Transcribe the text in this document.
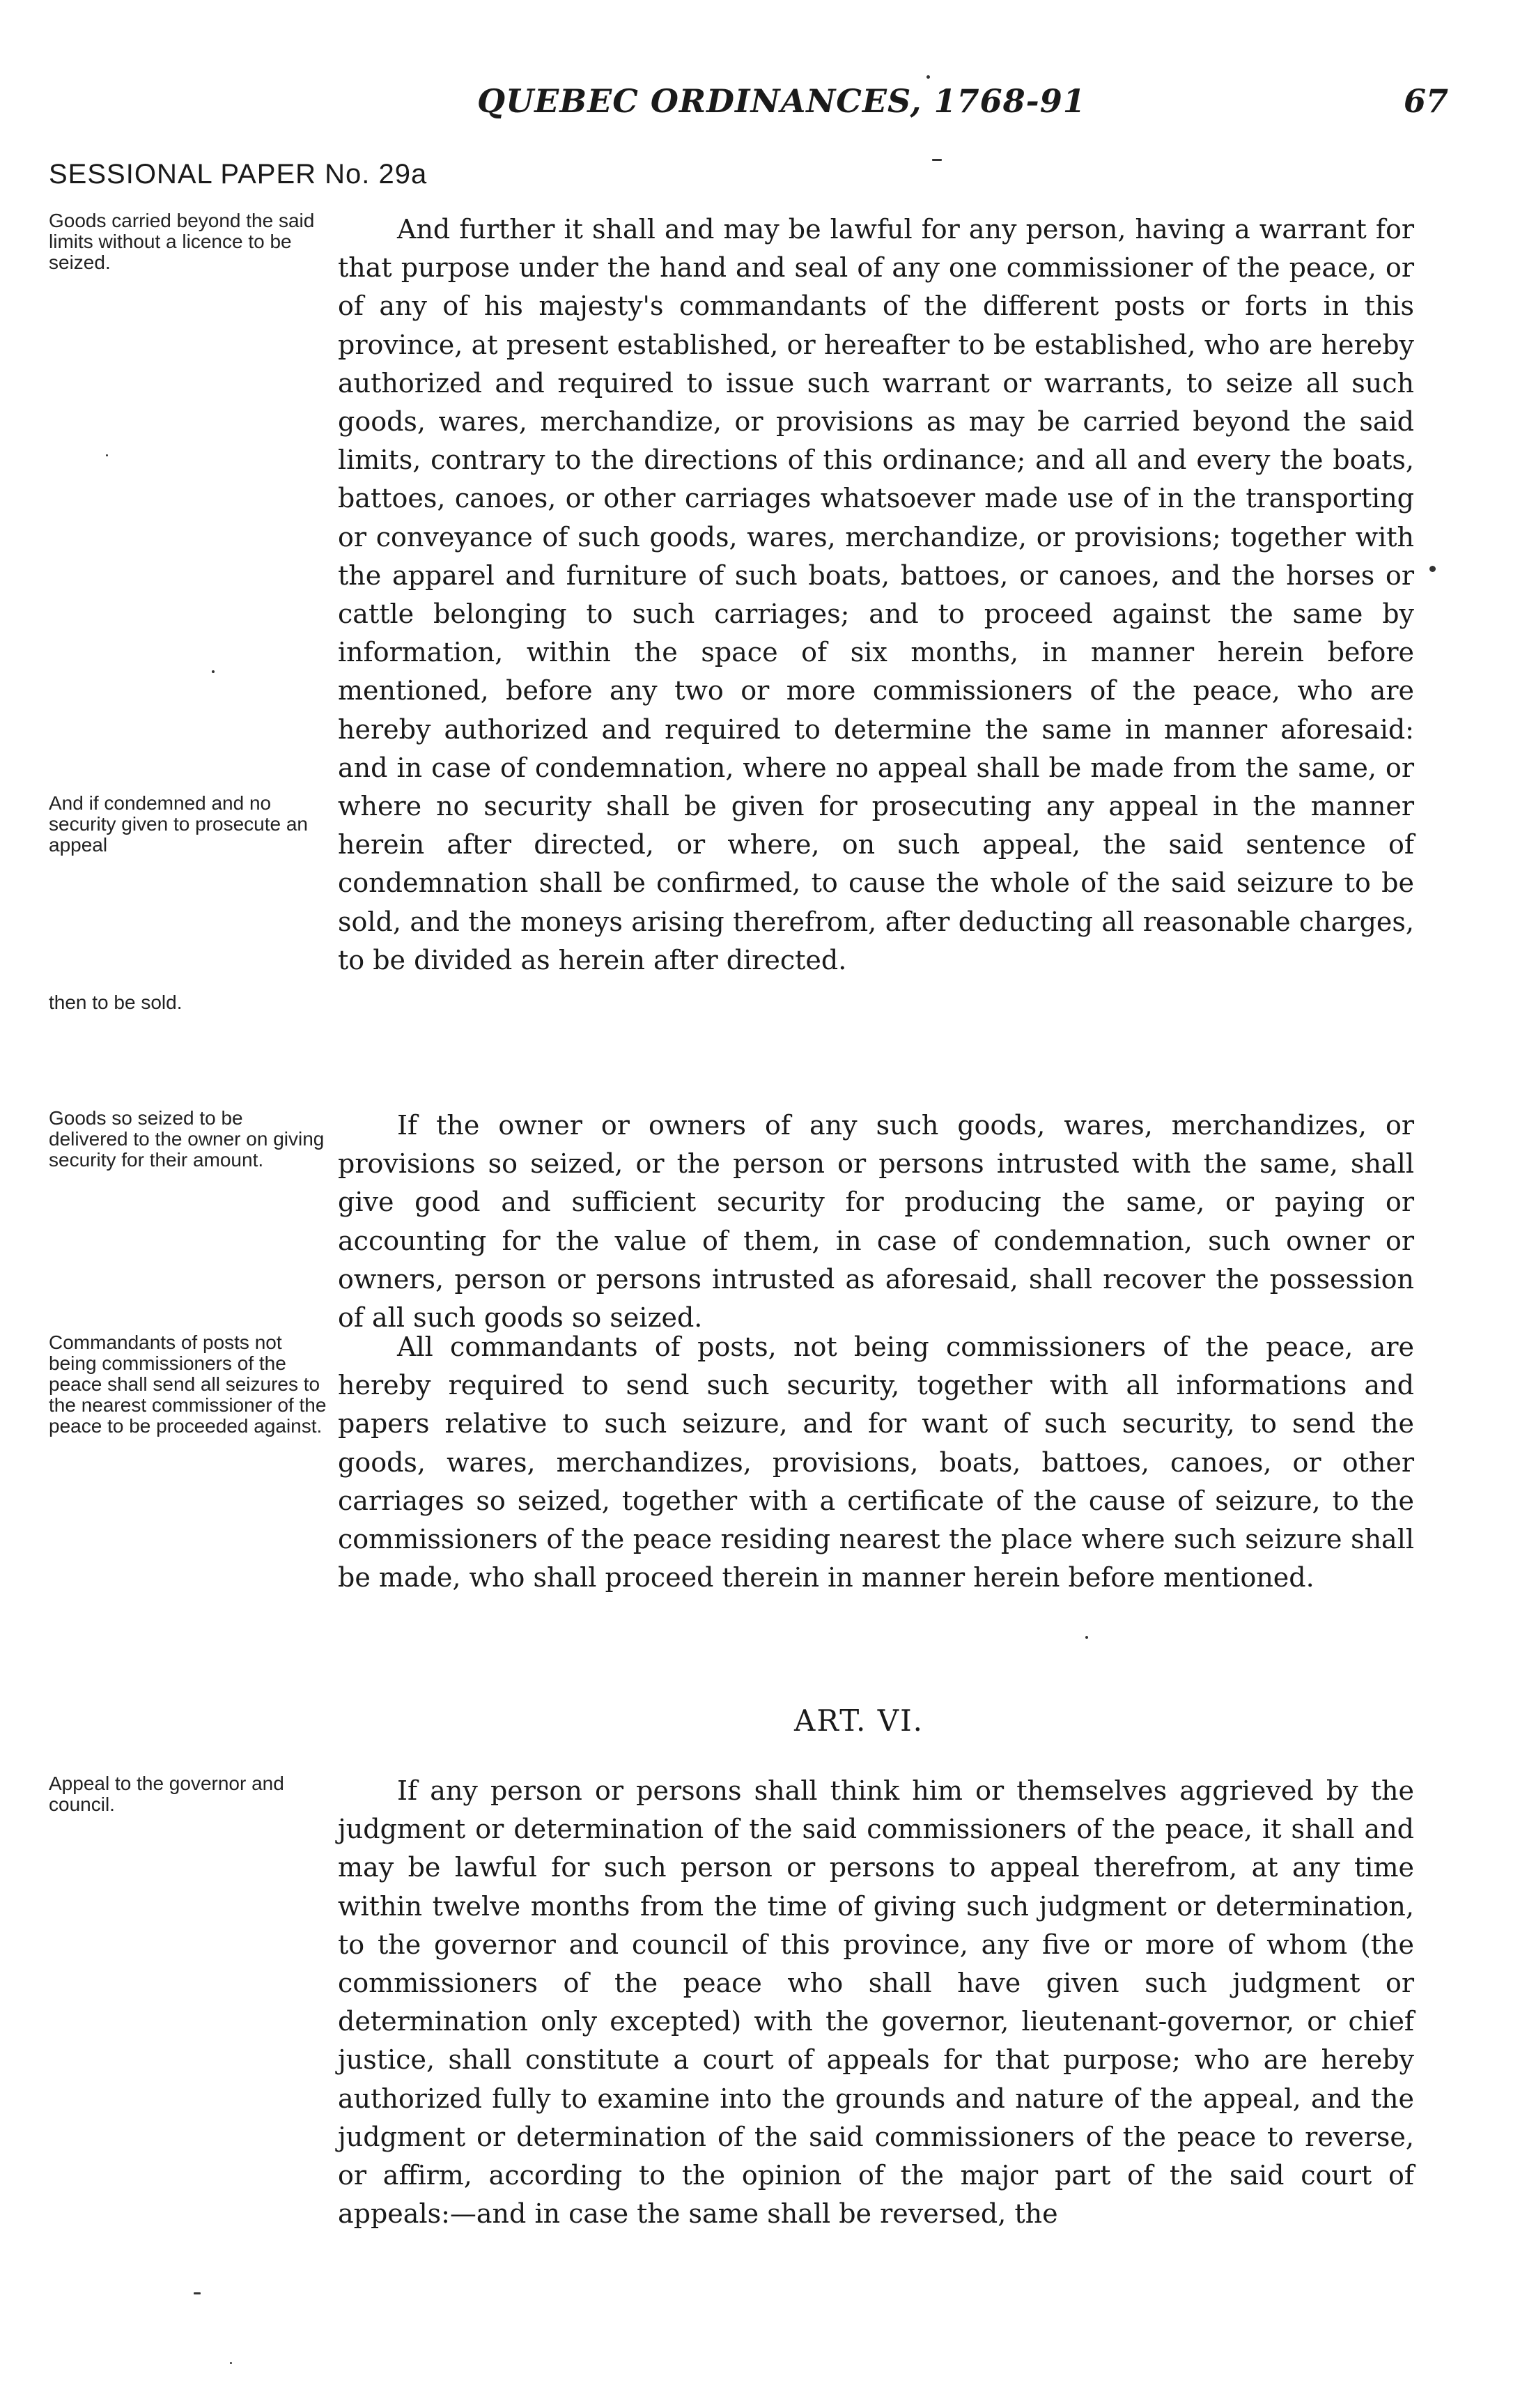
QUEBEC ORDINANCES, 1768-91	67
SESSIONAL PAPER No. 29a
Goods carried beyond the said limits without a licence to be seized.
And if condemned and no security given to prosecute an appeal
then to be sold.
Goods so seized to be delivered to the owner on giving security for their amount.
Commandants of posts not being commissioners of the peace shall send all seizures to the nearest commissioner of the peace to be proceeded against.
Appeal to the governor and council.

And further it shall and may be lawful for any person, having a warrant for that purpose under the hand and seal of any one commissioner of the peace, or of any of his majesty's commandants of the different posts or forts in this province, at present established, or hereafter to be established, who are hereby authorized and required to issue such warrant or warrants, to seize all such goods, wares, merchandize, or provisions as may be carried beyond the said limits, contrary to the directions of this ordinance; and all and every the boats, battoes, canoes, or other carriages whatsoever made use of in the transporting or conveyance of such goods, wares, merchandize, or provisions; together with the apparel and furniture of such boats, battoes, or canoes, and the horses or cattle belonging to such carriages; and to proceed against the same by information, within the space of six months, in manner herein before mentioned, before any two or more commissioners of the peace, who are hereby authorized and required to determine the same in manner aforesaid: and in case of condemnation, where no appeal shall be made from the same, or where no security shall be given for prosecuting any appeal in the manner herein after directed, or where, on such appeal, the said sentence of condemnation shall be confirmed, to cause the whole of the said seizure to be sold, and the moneys arising therefrom, after deducting all reasonable charges, to be divided as herein after directed.

If the owner or owners of any such goods, wares, merchandizes, or provisions so seized, or the person or persons intrusted with the same, shall give good and sufficient security for producing the same, or paying or accounting for the value of them, in case of condemnation, such owner or owners, person or persons intrusted as aforesaid, shall recover the possession of all such goods so seized.

All commandants of posts, not being commissioners of the peace, are hereby required to send such security, together with all informations and papers relative to such seizure, and for want of such security, to send the goods, wares, merchandizes, provisions, boats, battoes, canoes, or other carriages so seized, together with a certificate of the cause of seizure, to the commissioners of the peace residing nearest the place where such seizure shall be made, who shall proceed therein in manner herein before mentioned.

ART. VI.

If any person or persons shall think him or themselves aggrieved by the judgment or determination of the said commissioners of the peace, it shall and may be lawful for such person or persons to appeal therefrom, at any time within twelve months from the time of giving such judgment or determination, to the governor and council of this province, any five or more of whom (the commissioners of the peace who shall have given such judgment or determination only excepted) with the governor, lieutenant-governor, or chief justice, shall constitute a court of appeals for that purpose; who are hereby authorized fully to examine into the grounds and nature of the appeal, and the judgment or determination of the said commissioners of the peace to reverse, or affirm, according to the opinion of the major part of the said court of appeals:—and in case the same shall be reversed, the
